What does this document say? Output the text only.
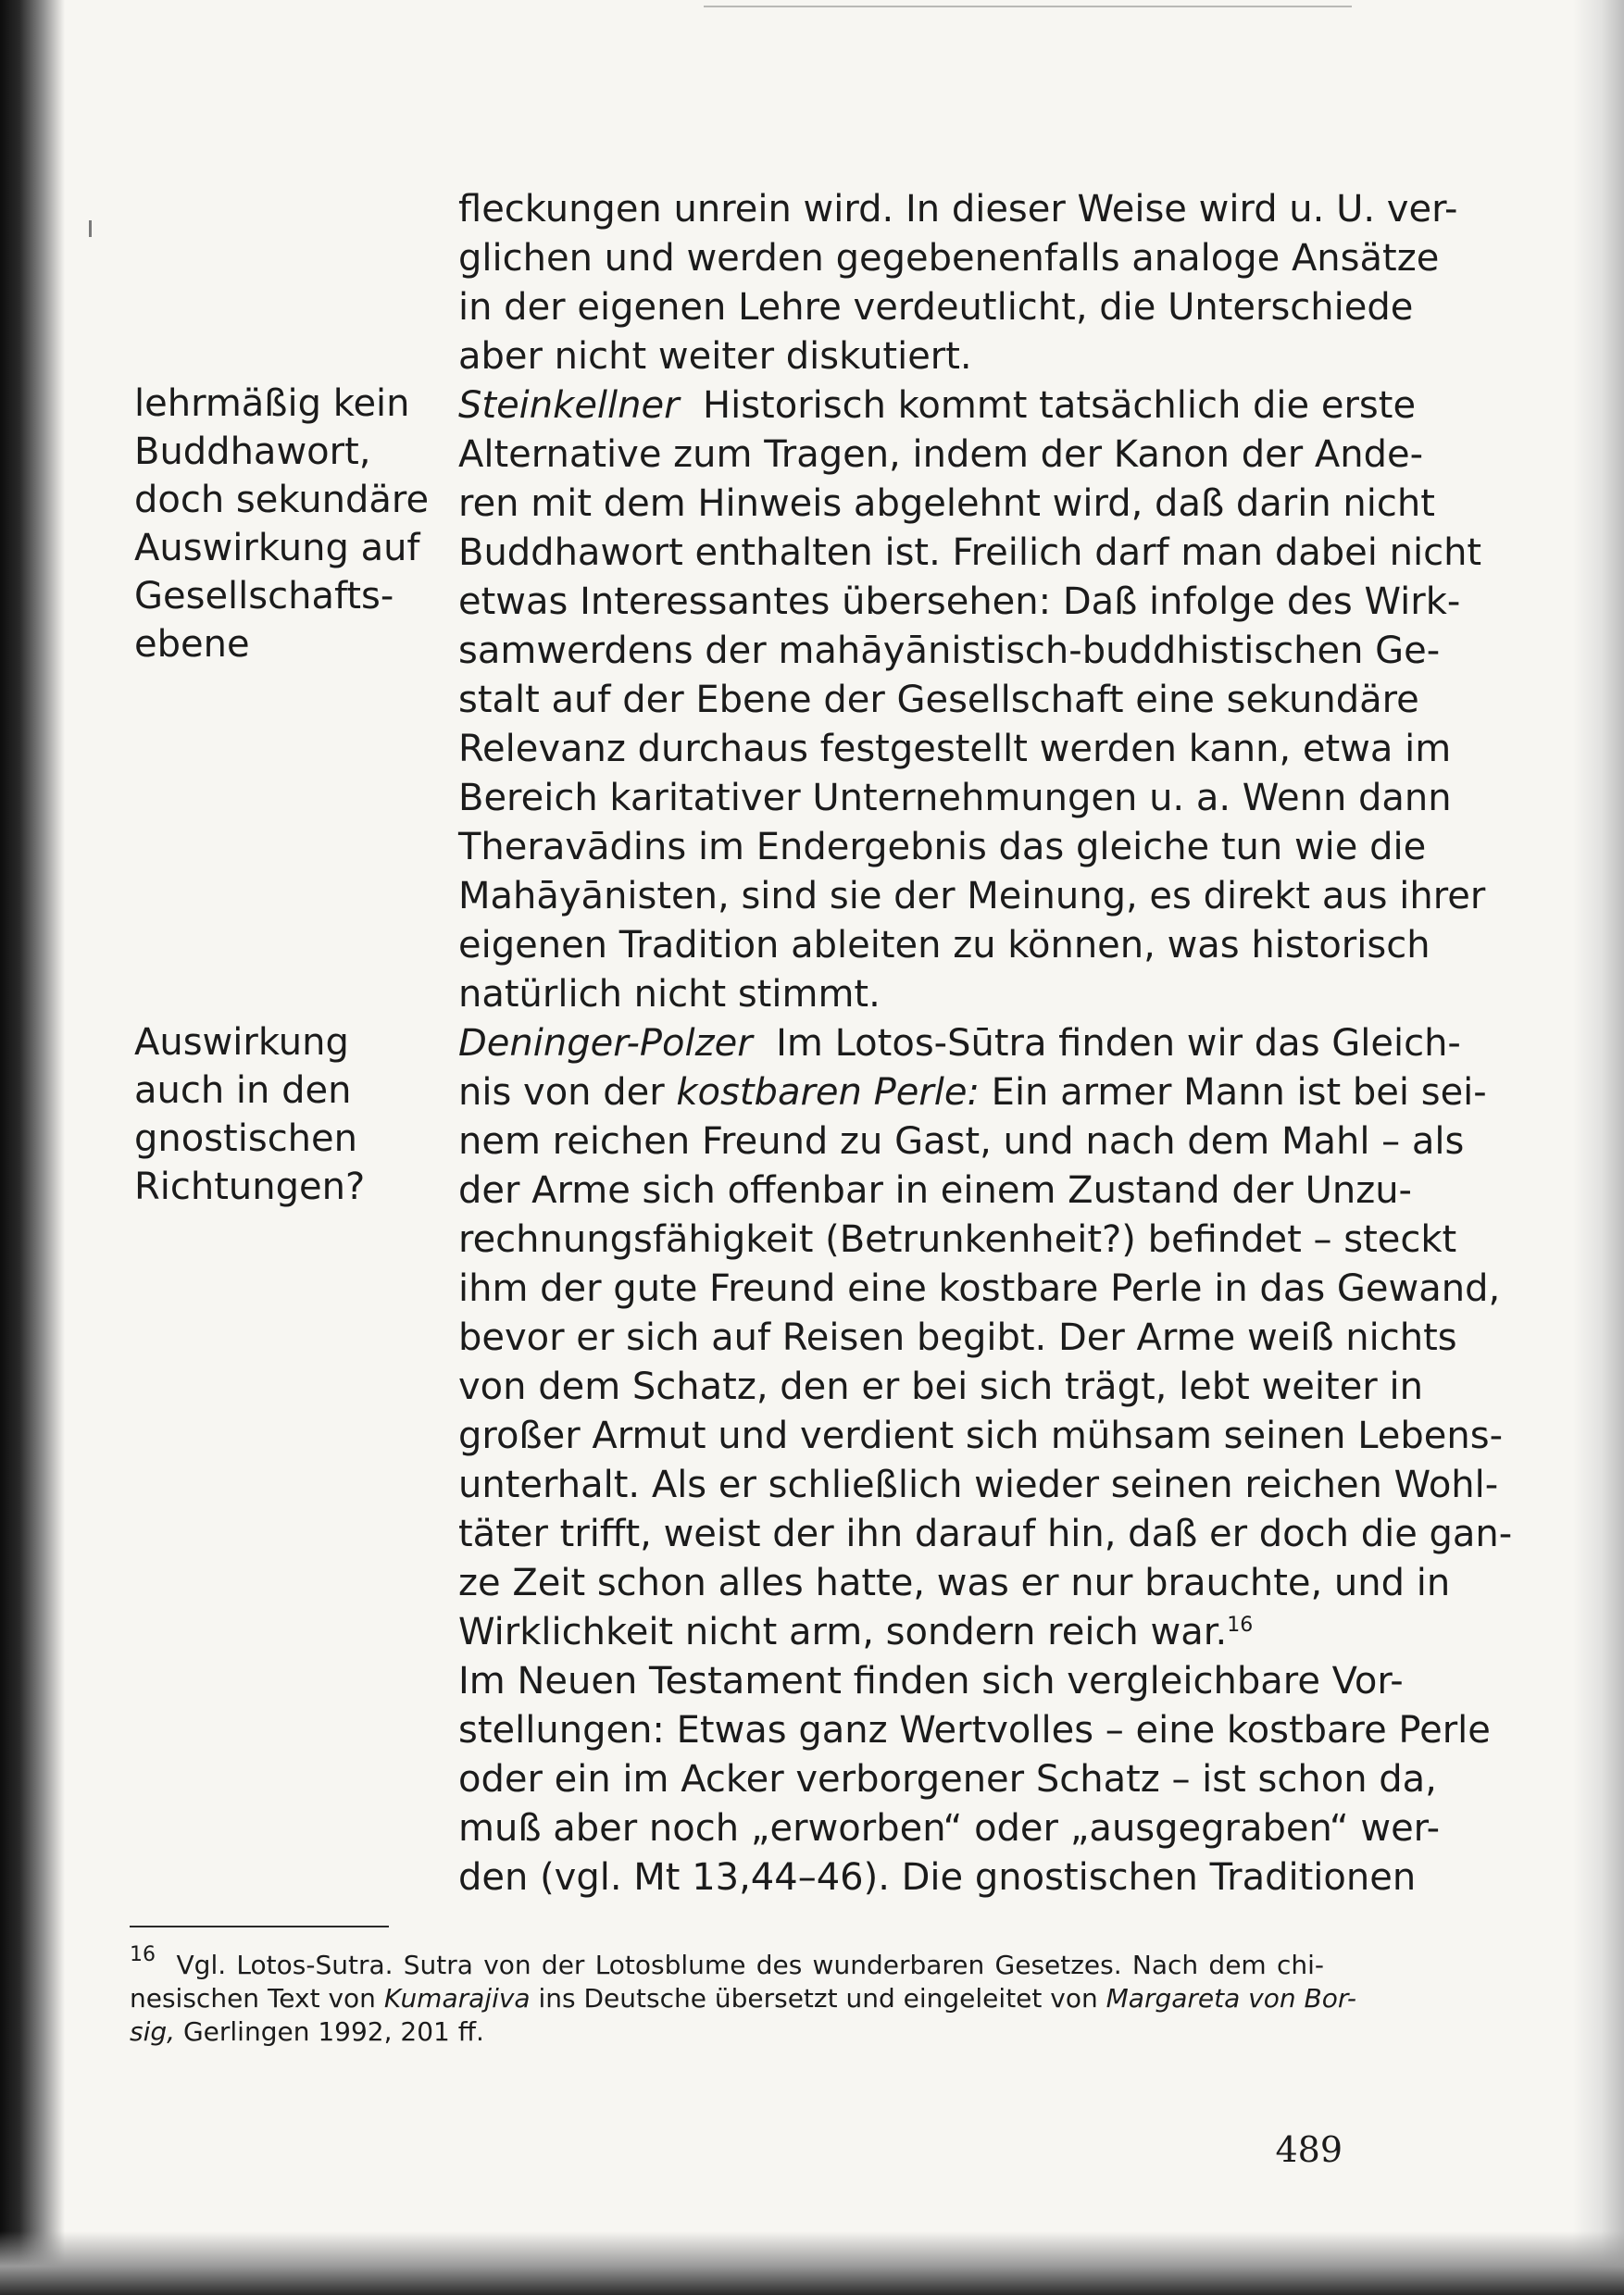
lehrmäßig kein
Buddhawort,
doch sekundäre
Auswirkung auf
Gesellschafts-
ebene
Auswirkung
auch in den
gnostischen
Richtungen?
fleckungen unrein wird. In dieser Weise wird u. U. ver-
glichen und werden gegebenenfalls analoge Ansätze
in der eigenen Lehre verdeutlicht, die Unterschiede
aber nicht weiter diskutiert.
Steinkellner Historisch kommt tatsächlich die erste
Alternative zum Tragen, indem der Kanon der Ande-
ren mit dem Hinweis abgelehnt wird, daß darin nicht
Buddhawort enthalten ist. Freilich darf man dabei nicht
etwas Interessantes übersehen: Daß infolge des Wirk-
samwerdens der mahāyānistisch-buddhistischen Ge-
stalt auf der Ebene der Gesellschaft eine sekundäre
Relevanz durchaus festgestellt werden kann, etwa im
Bereich karitativer Unternehmungen u. a. Wenn dann
Theravādins im Endergebnis das gleiche tun wie die
Mahāyānisten, sind sie der Meinung, es direkt aus ihrer
eigenen Tradition ableiten zu können, was historisch
natürlich nicht stimmt.
Deninger-Polzer Im Lotos-Sūtra finden wir das Gleich-
nis von der kostbaren Perle: Ein armer Mann ist bei sei-
nem reichen Freund zu Gast, und nach dem Mahl – als
der Arme sich offenbar in einem Zustand der Unzu-
rechnungsfähigkeit (Betrunkenheit?) befindet – steckt
ihm der gute Freund eine kostbare Perle in das Gewand,
bevor er sich auf Reisen begibt. Der Arme weiß nichts
von dem Schatz, den er bei sich trägt, lebt weiter in
großer Armut und verdient sich mühsam seinen Lebens-
unterhalt. Als er schließlich wieder seinen reichen Wohl-
täter trifft, weist der ihn darauf hin, daß er doch die gan-
ze Zeit schon alles hatte, was er nur brauchte, und in
Wirklichkeit nicht arm, sondern reich war.$^{16}$
Im Neuen Testament finden sich vergleichbare Vor-
stellungen: Etwas ganz Wertvolles – eine kostbare Perle
oder ein im Acker verborgener Schatz – ist schon da,
muß aber noch „erworben“ oder „ausgegraben“ wer-
den (vgl. Mt 13,44–46). Die gnostischen Traditionen
$^{16}$ Vgl. Lotos-Sutra. Sutra von der Lotosblume des wunderbaren Gesetzes. Nach dem chi-
nesischen Text von Kumarajiva ins Deutsche übersetzt und eingeleitet von Margareta von Bor-
sig, Gerlingen 1992, 201 ff.
489
